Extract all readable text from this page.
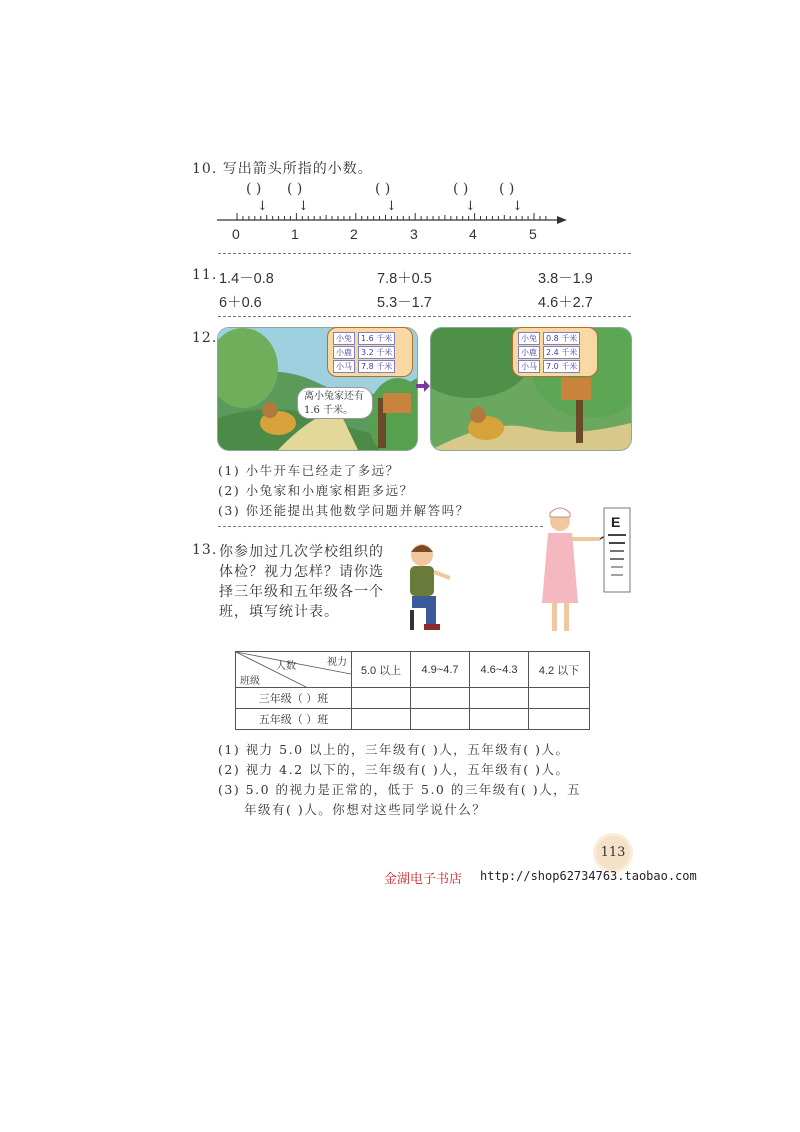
10. 写出箭头所指的小数。
( ) ( )	( )	( ) ( )
↓ ↓	↓	↓	↓
0	1	2	3	4	5
11. 1.4－0.8	7.8＋0.5	3.8－1.9
6＋0.6	5.3－1.7	4.6＋2.7
12.	小兔 1.6 千米
小鹿 3.2 千米
小马 7.8 千米
离小兔家还有1.6 千米。
小兔 0.8 千米
小鹿 2.4 千米
小马 7.0 千米
(1) 小牛开车已经走了多远？
(2) 小兔家和小鹿家相距多远？
(3) 你还能提出其他数学问题并解答吗？
13. 你参加过几次学校组织的
体检？视力怎样？请你选
择三年级和五年级各一个
班，填写统计表。
E
视力
人数
班级	5.0 以上	4.9~4.7	4.6~4.3	4.2 以下
三年级（ ）班				
五年级（ ）班				
(1) 视力 5.0 以上的，三年级有( )人，五年级有( )人。
(2) 视力 4.2 以下的，三年级有( )人，五年级有( )人。
(3) 5.0 的视力是正常的，低于 5.0 的三年级有( )人，五
年级有( )人。你想对这些同学说什么？
113
金湖电子书店 http://shop62734763.taobao.com
